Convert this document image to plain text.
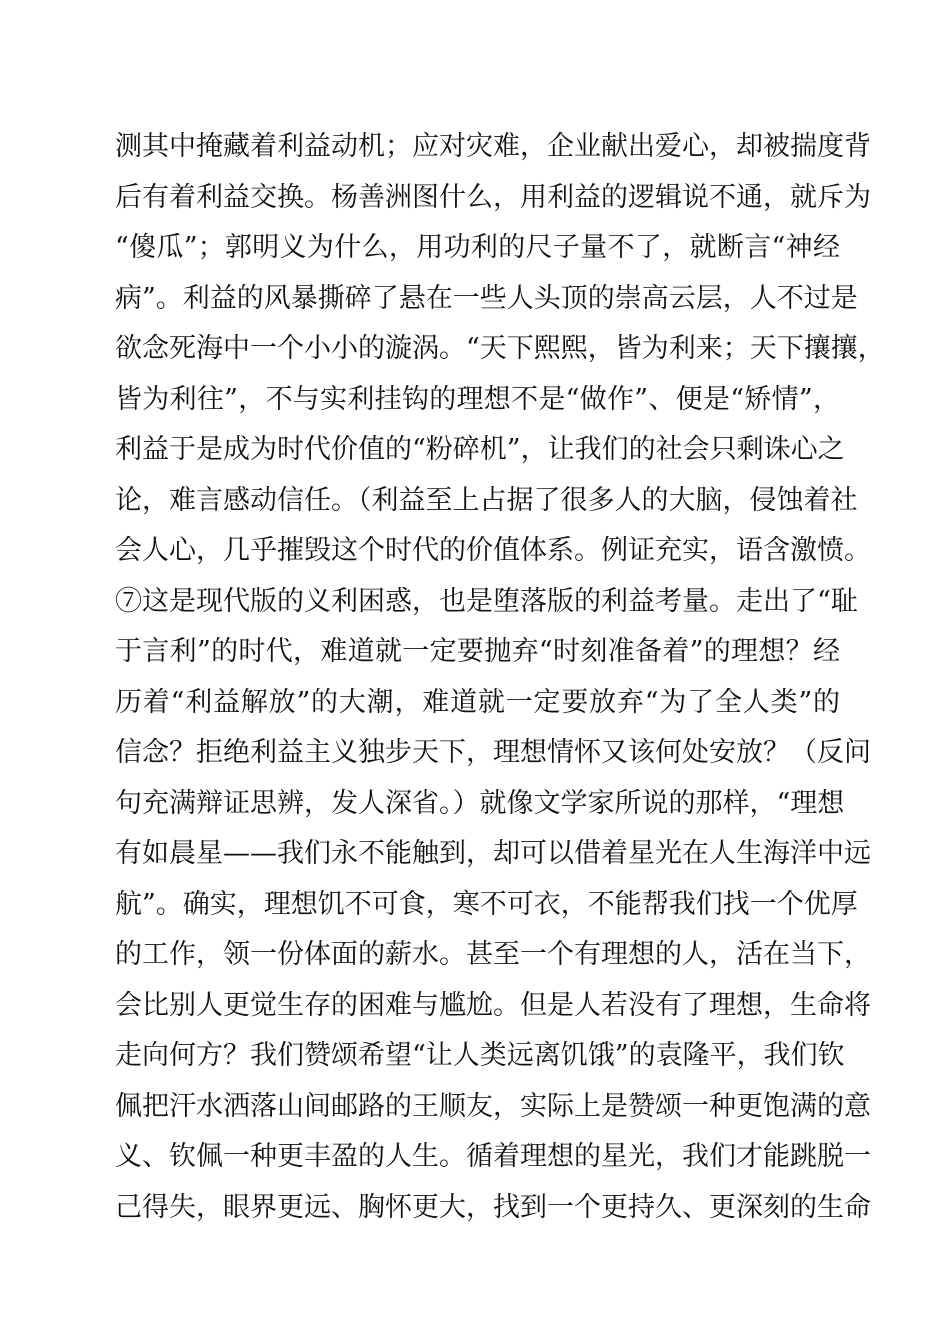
测其中掩藏着利益动机；应对灾难，企业献出爱心，却被揣度背
后有着利益交换。杨善洲图什么，用利益的逻辑说不通，就斥为
“傻瓜”；郭明义为什么，用功利的尺子量不了，就断言“神经
病”。利益的风暴撕碎了悬在一些人头顶的崇高云层，人不过是
欲念死海中一个小小的漩涡。“天下熙熙，皆为利来；天下攘攘，
皆为利往”，不与实利挂钩的理想不是“做作”、便是“矫情”，
利益于是成为时代价值的“粉碎机”，让我们的社会只剩诛心之
论，难言感动信任。（利益至上占据了很多人的大脑，侵蚀着社
会人心，几乎摧毁这个时代的价值体系。例证充实，语含激愤。
⑦这是现代版的义利困惑，也是堕落版的利益考量。走出了“耻
于言利”的时代，难道就一定要抛弃“时刻准备着”的理想？经
历着“利益解放”的大潮，难道就一定要放弃“为了全人类”的
信念？拒绝利益主义独步天下，理想情怀又该何处安放？（反问
句充满辩证思辨，发人深省。）就像文学家所说的那样，“理想
有如晨星——我们永不能触到，却可以借着星光在人生海洋中远
航”。确实，理想饥不可食，寒不可衣，不能帮我们找一个优厚
的工作，领一份体面的薪水。甚至一个有理想的人，活在当下，
会比别人更觉生存的困难与尴尬。但是人若没有了理想，生命将
走向何方？我们赞颂希望“让人类远离饥饿”的袁隆平，我们钦
佩把汗水洒落山间邮路的王顺友，实际上是赞颂一种更饱满的意
义、钦佩一种更丰盈的人生。循着理想的星光，我们才能跳脱一
己得失，眼界更远、胸怀更大，找到一个更持久、更深刻的生命
